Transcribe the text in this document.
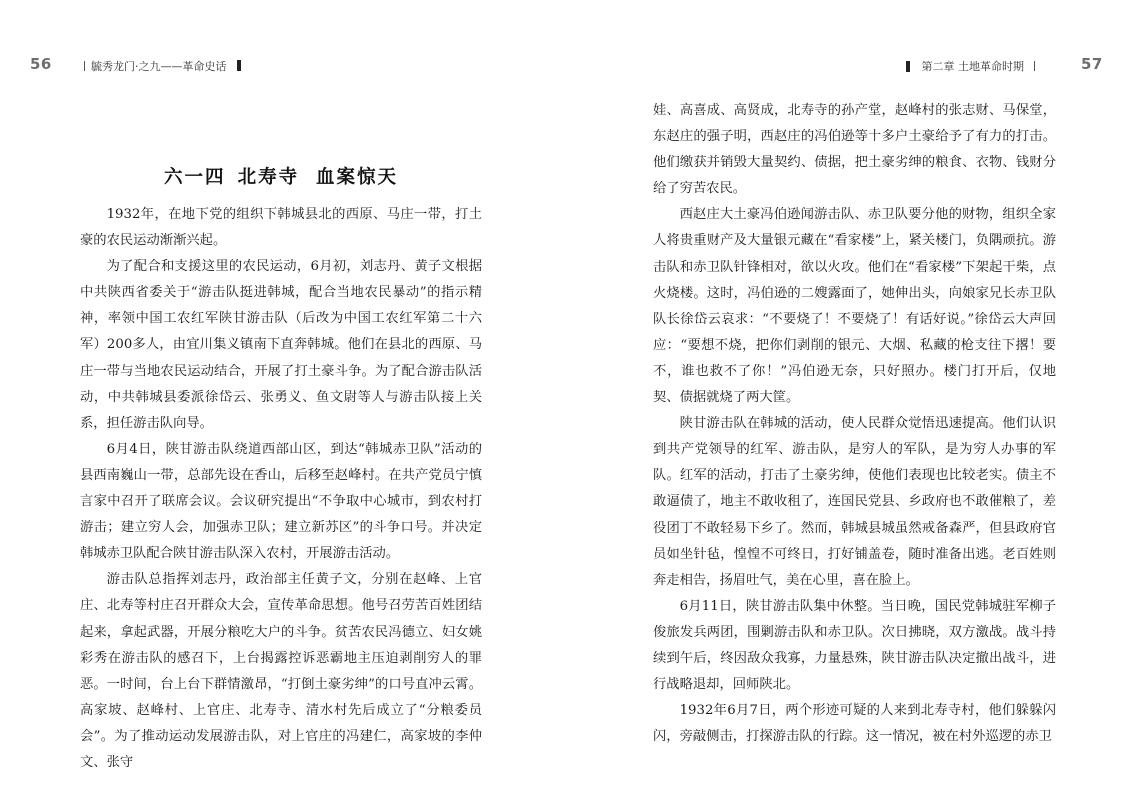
56	毓秀龙门·之九——革命史话
六一四 北寿寺  血案惊天

1932年，在地下党的组织下韩城县北的西原、马庄一带，打土豪的农民运动渐渐兴起。

为了配合和支援这里的农民运动，6月初，刘志丹、黄子文根据中共陕西省委关于“游击队挺进韩城，配合当地农民暴动”的指示精神，率领中国工农红军陕甘游击队（后改为中国工农红军第二十六军）200多人，由宜川集义镇南下直奔韩城。他们在县北的西原、马庄一带与当地农民运动结合，开展了打土豪斗争。为了配合游击队活动，中共韩城县委派徐岱云、张勇义、鱼文尉等人与游击队接上关系，担任游击队向导。

6月4日，陕甘游击队绕道西部山区，到达“韩城赤卫队”活动的县西南巍山一带，总部先设在香山，后移至赵峰村。在共产党员宁慎言家中召开了联席会议。会议研究提出“不争取中心城市，到农村打游击；建立穷人会，加强赤卫队；建立新苏区”的斗争口号。并决定韩城赤卫队配合陕甘游击队深入农村，开展游击活动。

游击队总指挥刘志丹，政治部主任黄子文，分别在赵峰、上官庄、北寿等村庄召开群众大会，宣传革命思想。他号召劳苦百姓团结起来，拿起武器，开展分粮吃大户的斗争。贫苦农民冯德立、妇女姚彩秀在游击队的感召下，上台揭露控诉恶霸地主压迫剥削穷人的罪恶。一时间，台上台下群情激昂，“打倒土豪劣绅”的口号直冲云霄。高家坡、赵峰村、上官庄、北寿寺、清水村先后成立了“分粮委员会”。为了推动运动发展游击队，对上官庄的冯建仁，高家坡的李仲文、张守

第二章 土地革命时期	57

娃、高喜成、高贤成，北寿寺的孙产堂，赵峰村的张志财、马保堂，东赵庄的强子明，西赵庄的冯伯逊等十多户土豪给予了有力的打击。他们缴获并销毁大量契约、债据，把土豪劣绅的粮食、衣物、钱财分给了穷苦农民。

西赵庄大土豪冯伯逊闻游击队、赤卫队要分他的财物，组织全家人将贵重财产及大量银元藏在“看家楼”上，紧关楼门，负隅顽抗。游击队和赤卫队针锋相对，欲以火攻。他们在“看家楼”下架起干柴，点火烧楼。这时，冯伯逊的二嫂露面了，她伸出头，向娘家兄长赤卫队队长徐岱云哀求：“不要烧了！不要烧了！有话好说。”徐岱云大声回应：“要想不烧，把你们剥削的银元、大烟、私藏的枪支往下撂！要不，谁也救不了你！”冯伯逊无奈，只好照办。楼门打开后，仅地契、债据就烧了两大筐。

陕甘游击队在韩城的活动，使人民群众觉悟迅速提高。他们认识到共产党领导的红军、游击队，是穷人的军队，是为穷人办事的军队。红军的活动，打击了土豪劣绅，使他们表现也比较老实。债主不敢逼债了，地主不敢收租了，连国民党县、乡政府也不敢催粮了，差役团丁不敢轻易下乡了。然而，韩城县城虽然戒备森严，但县政府官员如坐针毡，惶惶不可终日，打好铺盖卷，随时准备出逃。老百姓则奔走相告，扬眉吐气，美在心里，喜在脸上。

6月11日，陕甘游击队集中休整。当日晚，国民党韩城驻军柳子俊旅发兵两团，围剿游击队和赤卫队。次日拂晓，双方激战。战斗持续到午后，终因敌众我寡，力量悬殊，陕甘游击队决定撤出战斗，进行战略退却，回师陕北。

1932年6月7日，两个形迹可疑的人来到北寿寺村，他们躲躲闪闪，旁敲侧击，打探游击队的行踪。这一情况，被在村外巡逻的赤卫
